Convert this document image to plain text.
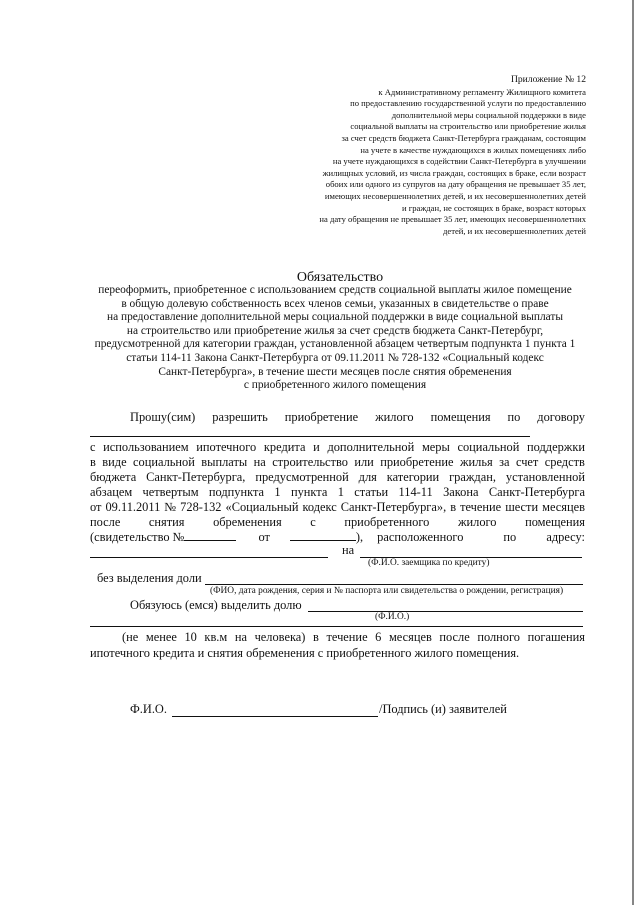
Приложение № 12
к Административному регламенту Жилищного комитета
по предоставлению государственной услуги по предоставлению
дополнительной меры социальной поддержки в виде
социальной выплаты на строительство или приобретение жилья
за счет средств бюджета Санкт-Петербурга гражданам, состоящим
на учете в качестве нуждающихся в жилых помещениях либо
на учете нуждающихся в содействии Санкт-Петербурга в улучшении
жилищных условий, из числа граждан, состоящих в браке, если возраст
обоих или одного из супругов на дату обращения не превышает 35 лет,
имеющих несовершеннолетних детей, и их несовершеннолетних детей
и граждан, не состоящих в браке, возраст которых
на дату обращения не превышает 35 лет, имеющих несовершеннолетних
детей, и их несовершеннолетних детей
Обязательство
переоформить, приобретенное с использованием средств социальной выплаты жилое помещение
в общую долевую собственность всех членов семьи, указанных в свидетельстве о праве
на предоставление дополнительной меры социальной поддержки в виде социальной выплаты
на строительство или приобретение жилья за счет средств бюджета Санкт-Петербург,
предусмотренной для категории граждан, установленной абзацем четвертым подпункта 1 пункта 1
статьи 114-11 Закона Санкт-Петербурга от 09.11.2011 № 728-132 «Социальный кодекс
Санкт-Петербурга», в течение шести месяцев после снятия обременения
с приобретенного жилого помещения
Прошу(сим) разрешить приобретение жилого помещения по договору
с использованием ипотечного кредита и дополнительной меры социальной поддержки
в виде социальной выплаты на строительство или приобретение жилья за счет средств
бюджета Санкт-Петербурга, предусмотренной для категории граждан, установленной
абзацем четвертым подпункта 1 пункта 1 статьи 114-11 Закона Санкт-Петербурга
от 09.11.2011 № 728-132 «Социальный кодекс Санкт-Петербурга», в течение шести месяцев
после снятия обременения с приобретенного жилого помещения
(свидетельство №	от	), расположенного	по адресу:
на
(Ф.И.О. заемщика по кредиту)
без выделения доли
(ФИО, дата рождения, серия и № паспорта или свидетельства о рождении, регистрация)
Обязуюсь (емся) выделить долю
(Ф.И.О.)
(не менее 10 кв.м на человека) в течение 6 месяцев после полного погашения
ипотечного кредита и снятия обременения с приобретенного жилого помещения.
Ф.И.О.	/Подпись (и) заявителей
